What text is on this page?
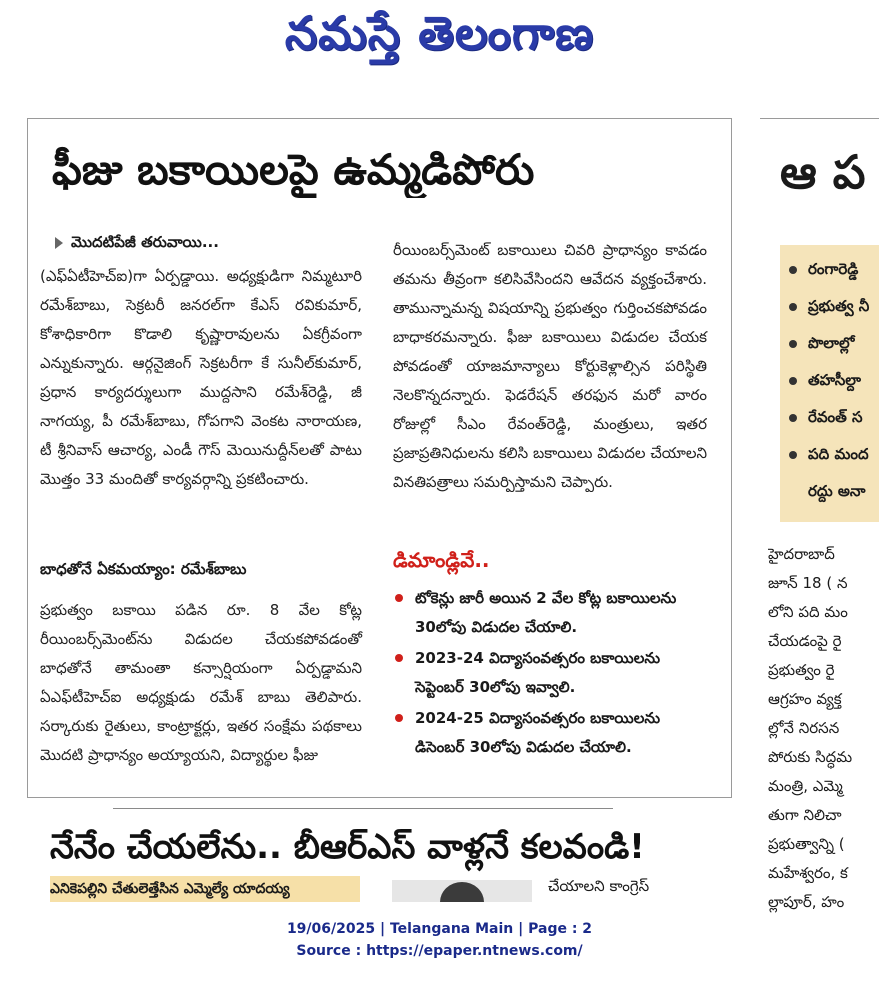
నమస్తే తెలంగాణ
ఫీజు బకాయిలపై ఉమ్మడిపోరు
మొదటిపేజీ తరువాయి...

(ఎఫ్ఏటీహెచ్ఐ)గా ఏర్పడ్డాయి. అధ్యక్షుడిగా నిమ్మటూరి రమేశ్‌బాబు, సెక్రటరీ జనరల్‌గా కేఎస్ రవికుమార్, కోశాధికారిగా కొడాలి కృష్ణారావులను ఏకగ్రీవంగా ఎన్నుకున్నారు. ఆర్గనైజింగ్ సెక్రటరీగా కే సునీల్‌కుమార్, ప్రధాన కార్యదర్శులుగా ముద్దసాని రమేశ్‌రెడ్డి, జీ నాగయ్య, పీ రమేశ్‌బాబు, గోపగాని వెంకట నారాయణ, టీ శ్రీనివాస్ ఆచార్య, ఎండీ గౌస్ మెయినుద్దీన్‌లతో పాటు మొత్తం 33 మందితో కార్యవర్గాన్ని ప్రకటించారు.

బాధతోనే ఏకమయ్యాం: రమేశ్‌బాబు

ప్రభుత్వం బకాయి పడిన రూ. 8 వేల కోట్ల రీయింబర్స్‌మెంట్‌ను విడుదల చేయకపోవడంతో బాధతోనే తామంతా కన్సార్షియంగా ఏర్పడ్డామని ఏఎఫ్‌టీహెచ్ఐ అధ్యక్షుడు రమేశ్ బాబు తెలిపారు. సర్కారుకు రైతులు, కాంట్రాక్టర్లు, ఇతర సంక్షేమ పథకాలు మొదటి ప్రాధాన్యం అయ్యాయని, విద్యార్థుల ఫీజు

రీయింబర్స్‌మెంట్ బకాయిలు చివరి ప్రాధాన్యం కావడం తమను తీవ్రంగా కలిసివేసిందని ఆవేదన వ్యక్తంచేశారు. తామున్నామన్న విషయాన్ని ప్రభుత్వం గుర్తించకపోవడం బాధాకరమన్నారు. ఫీజు బకాయిలు విడుదల చేయక పోవడంతో యాజమాన్యాలు కోర్టుకెళ్లాల్సిన పరిస్థితి నెలకొన్నదన్నారు. ఫెడరేషన్ తరఫున మరో వారం రోజుల్లో సీఎం రేవంత్‌రెడ్డి, మంత్రులు, ఇతర ప్రజాప్రతినిధులను కలిసి బకాయిలు విడుదల చేయాలని వినతిపత్రాలు సమర్పిస్తామని చెప్పారు.

డిమాండ్లివే..
టోకెన్లు జారీ అయిన 2 వేల కోట్ల బకాయిలను 30లోపు విడుదల చేయాలి.
2023-24 విద్యాసంవత్సరం బకాయిలను సెప్టెంబర్ 30లోపు ఇవ్వాలి.
2024-25 విద్యాసంవత్సరం బకాయిలను డిసెంబర్ 30లోపు విడుదల చేయాలి.
నేనేం చేయలేను.. బీఆర్ఎస్ వాళ్లనే కలవండి!
ఎనికెపల్లిని చేతులెత్తేసిన ఎమ్మెల్యే యాదయ్య	చేయాలని కాంగ్రెస్
ఆ ప
రంగారెడ్డి
ప్రభుత్వ నీ
పొలాల్లో
తహసీల్దా
రేవంత్ స
పది మంద
రద్దు అనా

హైదరాబాద్

జూన్ 18 ( న

లోని పది మం

చేయడంపై రై

ప్రభుత్వం రై

ఆగ్రహం వ్యక్త

ల్లోనే నిరసన

పోరుకు సిద్ధమ

మంత్రి, ఎమ్మె

తుగా నిలిచా

ప్రభుత్వాన్ని (

మహేశ్వరం, క

ల్లాపూర్, హం

19/06/2025 | Telangana Main | Page : 2
Source : https://epaper.ntnews.com/
